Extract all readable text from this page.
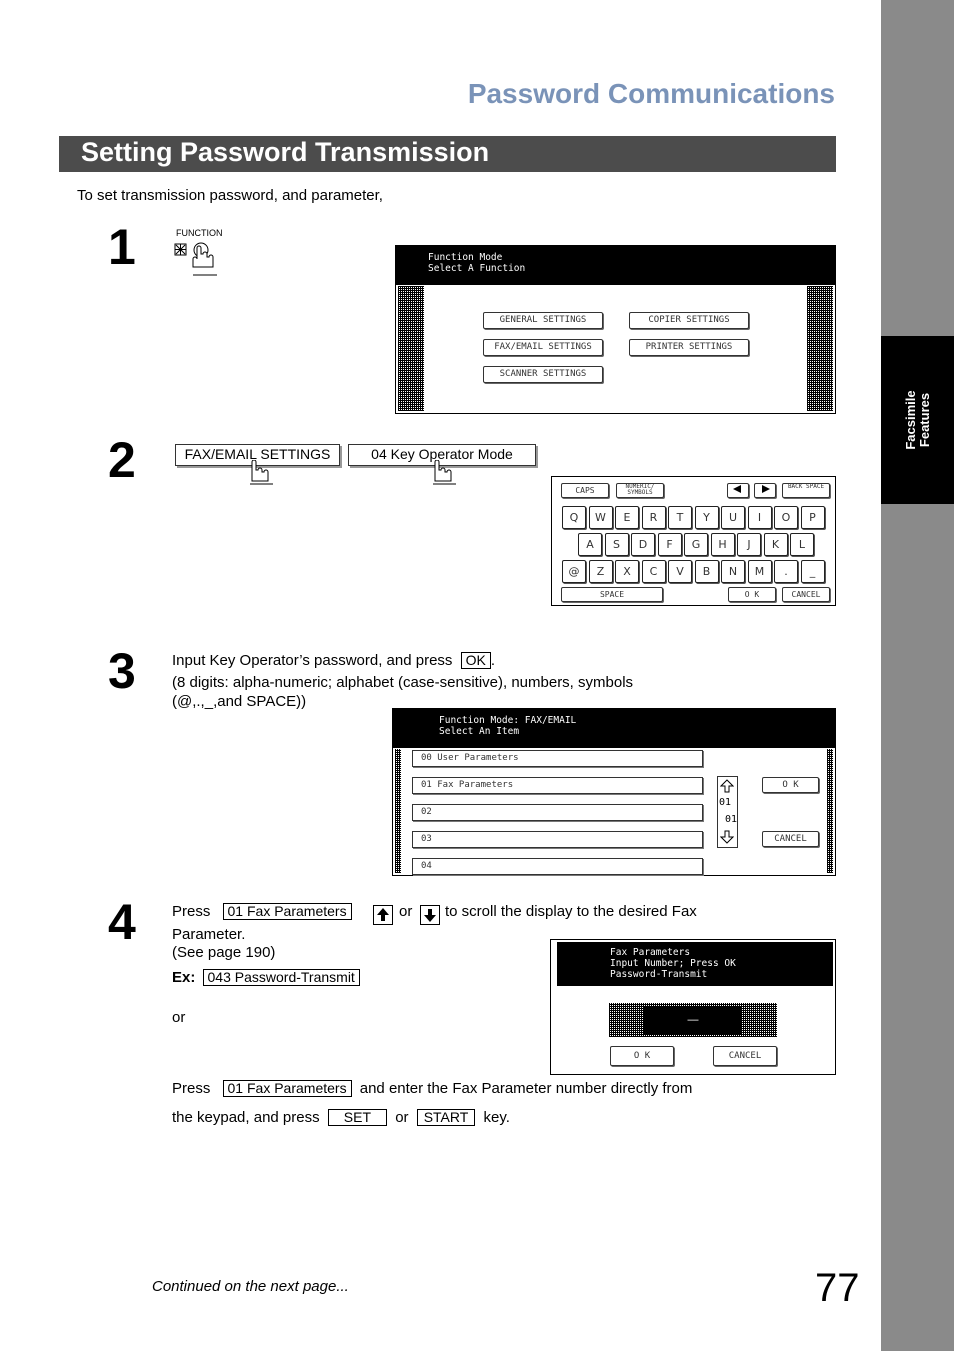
Facsimile
Features
Password Communications
Setting Password Transmission
To set transmission password, and parameter,
1	FUNCTION
Function Mode
Select A Function
GENERAL SETTINGS	COPIER SETTINGS
FAX/EMAIL SETTINGS	PRINTER SETTINGS
SCANNER SETTINGS
2	FAX/EMAIL SETTINGS	04 Key Operator Mode
CAPS	NUMERIC/ SYMBOLS
BACK SPACE
SPACE	O K	CANCEL
Q	W	E	R	T	Y	U	I	O	P
A	S	D	F	G	H	J	K	L
@	Z	X	C	V	B	N	M	.	_
3 Input Key Operator’s password, and press OK .
(8 digits: alpha-numeric; alphabet (case-sensitive), numbers, symbols
(@,.,_,and SPACE))
Function Mode: FAX/EMAIL
Select An Item
00 User Parameters
01 Fax Parameters
02
03
04
01
01
O K
CANCEL
4 Press 01 Fax Parameters	or to scroll the display to the desired Fax
Parameter.
(See page 190)
Ex: 043 Password-Transmit
or
Fax Parameters
Input Number; Press OK
Password-Transmit
—
O K	CANCEL
Press 01 Fax Parameters and enter the Fax Parameter number directly from
the keypad, and press SET or START key.
Continued on the next page...	77
